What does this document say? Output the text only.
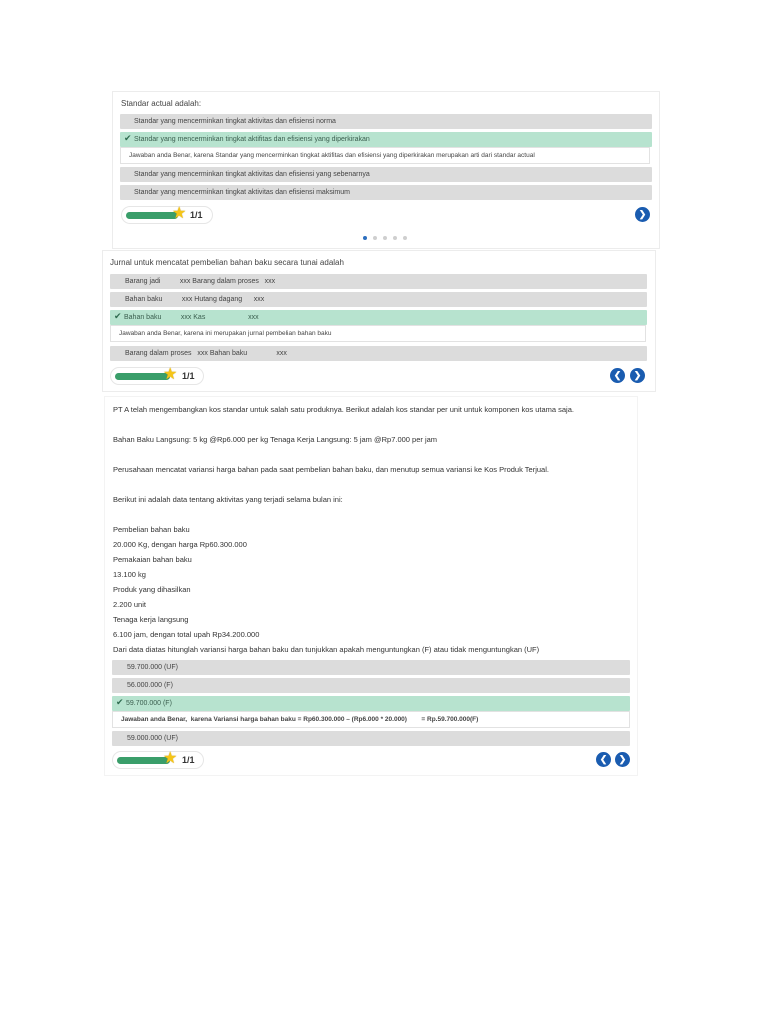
Standar actual adalah:
Standar yang mencerminkan tingkat aktivitas dan efisiensi norma
✔ Standar yang mencerminkan tingkat aktifitas dan efisiensi yang diperkirakan
Jawaban anda Benar, karena Standar yang mencerminkan tingkat aktifitas dan efisiensi yang diperkirakan merupakan arti dari standar actual
Standar yang mencerminkan tingkat aktivitas dan efisiensi yang sebenarnya
Standar yang mencerminkan tingkat aktivitas dan efisiensi maksimum
★ 1/1	❯
Jurnal untuk mencatat pembelian bahan baku secara tunai adalah
Barang jadi          xxx Barang dalam proses   xxx
Bahan baku          xxx Hutang dagang      xxx
✔ Bahan baku          xxx Kas                      xxx
Jawaban anda Benar, karena ini merupakan jurnal pembelian bahan baku
Barang dalam proses   xxx Bahan baku               xxx
★ 1/1	❮	❯
PT A telah mengembangkan kos standar untuk salah satu produknya. Berikut adalah kos standar per unit untuk komponen kos utama saja.
Bahan Baku Langsung: 5 kg @Rp6.000 per kg Tenaga Kerja Langsung: 5 jam @Rp7.000 per jam
Perusahaan mencatat variansi harga bahan pada saat pembelian bahan baku, dan menutup semua variansi ke Kos Produk Terjual.
Berikut ini adalah data tentang aktivitas yang terjadi selama bulan ini:
Pembelian bahan baku
20.000 Kg, dengan harga Rp60.300.000
Pemakaian bahan baku
13.100 kg
Produk yang dihasilkan
2.200 unit
Tenaga kerja langsung
6.100 jam, dengan total upah Rp34.200.000
Dari data diatas hitunglah variansi harga bahan baku dan tunjukkan apakah menguntungkan (F) atau tidak menguntungkan (UF)
59.700.000 (UF)
56.000.000 (F)
✔ 59.700.000 (F)
Jawaban anda Benar,  karena Variansi harga bahan baku = Rp60.300.000 – (Rp6.000 * 20.000)        = Rp.59.700.000(F)
59.000.000 (UF)
★ 1/1	❮	❯
